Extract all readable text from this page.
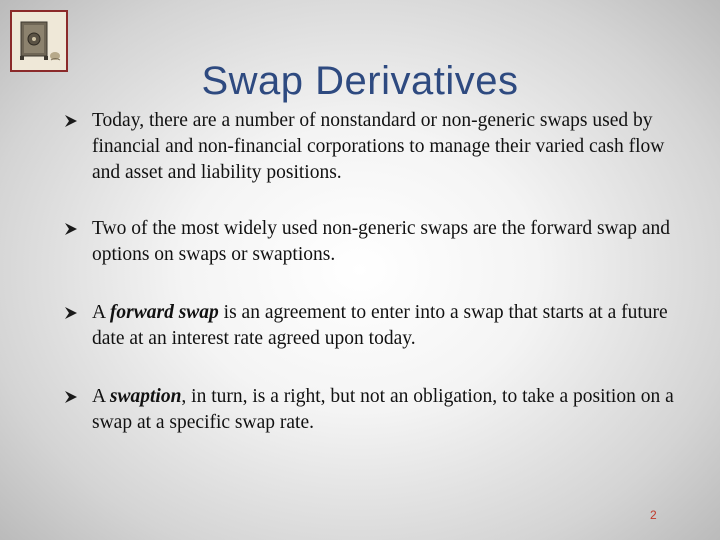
Swap Derivatives
Today, there are a number of nonstandard or non-generic swaps used by financial and non-financial corporations to manage their varied cash flow and asset and liability positions.
Two of the most widely used non-generic swaps are the forward swap and options on swaps or swaptions.
A forward swap is an agreement to enter into a swap that starts at a future date at an interest rate agreed upon today.
A swaption, in turn, is a right, but not an obligation, to take a position on a swap at a specific swap rate.
2
